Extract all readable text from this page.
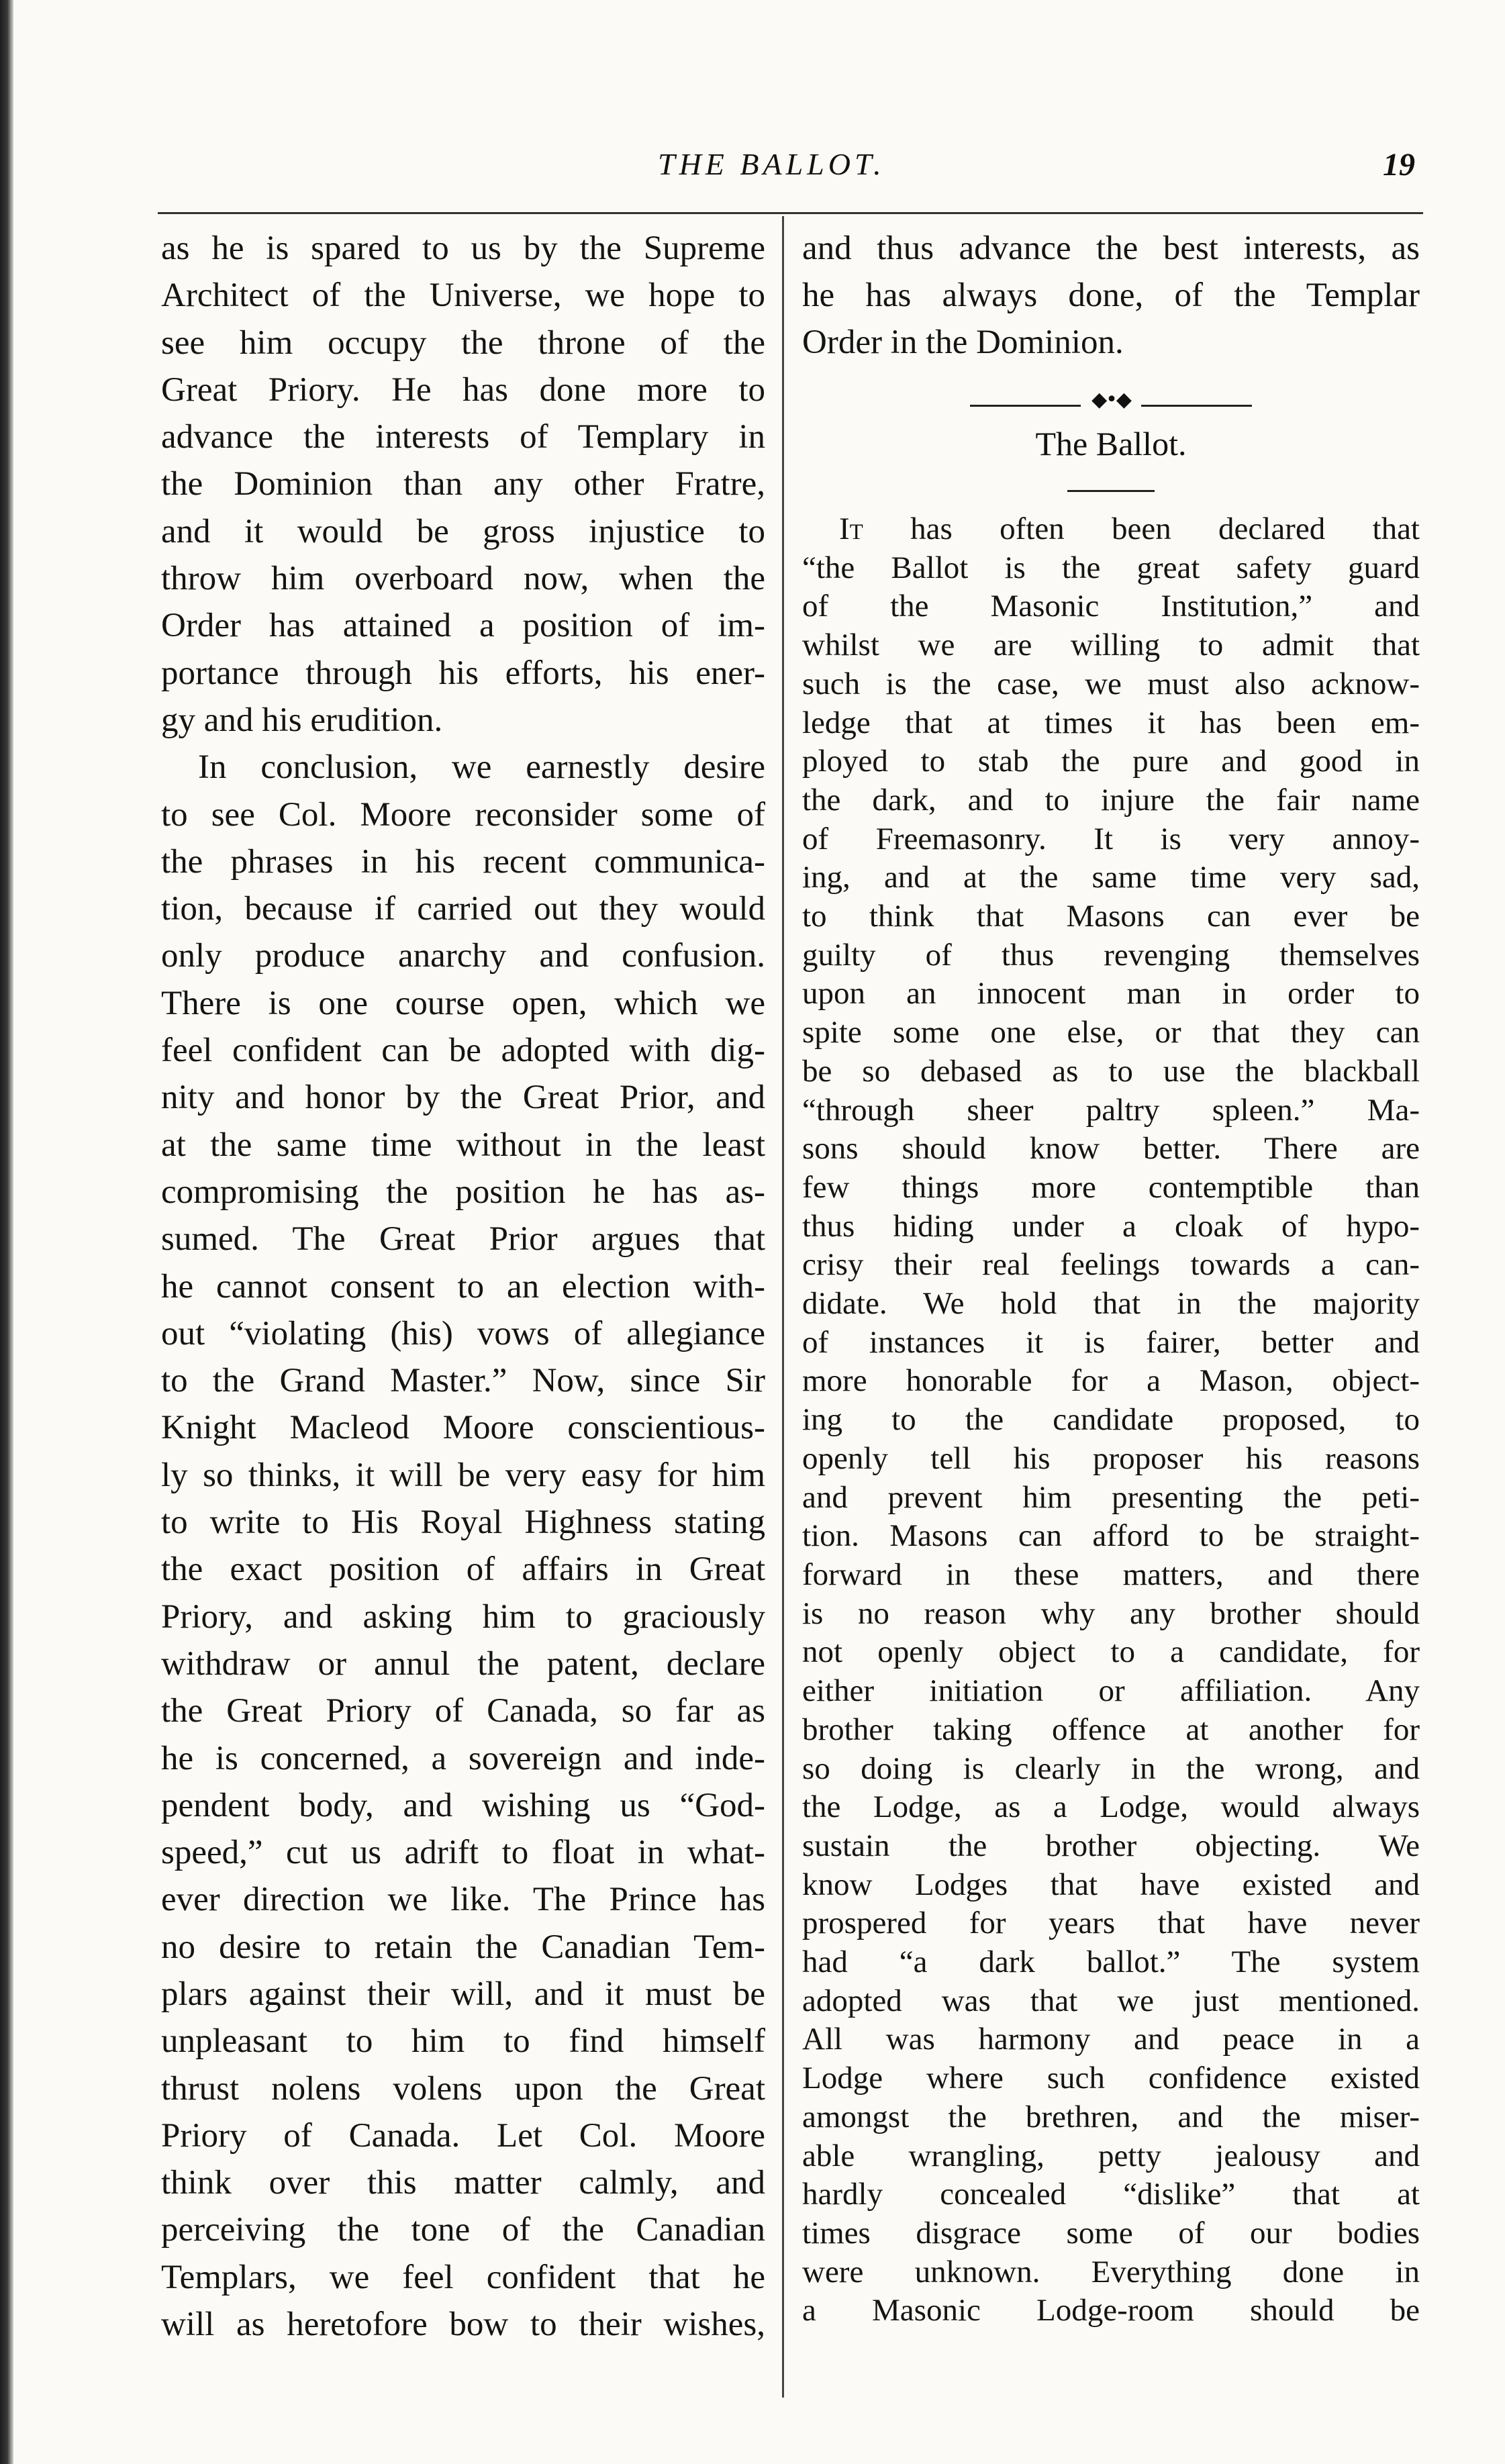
THE BALLOT.	19
as he is spared to us by the Supreme
Architect of the Universe, we hope to
see him occupy the throne of the
Great Priory. He has done more to
advance the interests of Templary in
the Dominion than any other Fratre,
and it would be gross injustice to
throw him overboard now, when the
Order has attained a position of im-
portance through his efforts, his ener-
gy and his erudition.
In conclusion, we earnestly desire
to see Col. Moore reconsider some of
the phrases in his recent communica-
tion, because if carried out they would
only produce anarchy and confusion.
There is one course open, which we
feel confident can be adopted with dig-
nity and honor by the Great Prior, and
at the same time without in the least
compromising the position he has as-
sumed. The Great Prior argues that
he cannot consent to an election with-
out “violating (his) vows of allegiance
to the Grand Master.” Now, since Sir
Knight Macleod Moore conscientious-
ly so thinks, it will be very easy for him
to write to His Royal Highness stating
the exact position of affairs in Great
Priory, and asking him to graciously
withdraw or annul the patent, declare
the Great Priory of Canada, so far as
he is concerned, a sovereign and inde-
pendent body, and wishing us “God-
speed,” cut us adrift to float in what-
ever direction we like. The Prince has
no desire to retain the Canadian Tem-
plars against their will, and it must be
unpleasant to him to find himself
thrust nolens volens upon the Great
Priory of Canada. Let Col. Moore
think over this matter calmly, and
perceiving the tone of the Canadian
Templars, we feel confident that he
will as heretofore bow to their wishes,
and thus advance the best interests, as
he has always done, of the Templar
Order in the Dominion.
◆•◆
The Ballot.
It has often been declared that
“the Ballot is the great safety guard
of the Masonic Institution,” and
whilst we are willing to admit that
such is the case, we must also acknow-
ledge that at times it has been em-
ployed to stab the pure and good in
the dark, and to injure the fair name
of Freemasonry. It is very annoy-
ing, and at the same time very sad,
to think that Masons can ever be
guilty of thus revenging themselves
upon an innocent man in order to
spite some one else, or that they can
be so debased as to use the blackball
“through sheer paltry spleen.” Ma-
sons should know better. There are
few things more contemptible than
thus hiding under a cloak of hypo-
crisy their real feelings towards a can-
didate. We hold that in the majority
of instances it is fairer, better and
more honorable for a Mason, object-
ing to the candidate proposed, to
openly tell his proposer his reasons
and prevent him presenting the peti-
tion. Masons can afford to be straight-
forward in these matters, and there
is no reason why any brother should
not openly object to a candidate, for
either initiation or affiliation. Any
brother taking offence at another for
so doing is clearly in the wrong, and
the Lodge, as a Lodge, would always
sustain the brother objecting. We
know Lodges that have existed and
prospered for years that have never
had “a dark ballot.” The system
adopted was that we just mentioned.
All was harmony and peace in a
Lodge where such confidence existed
amongst the brethren, and the miser-
able wrangling, petty jealousy and
hardly concealed “dislike” that at
times disgrace some of our bodies
were unknown. Everything done in
a Masonic Lodge-room should be
